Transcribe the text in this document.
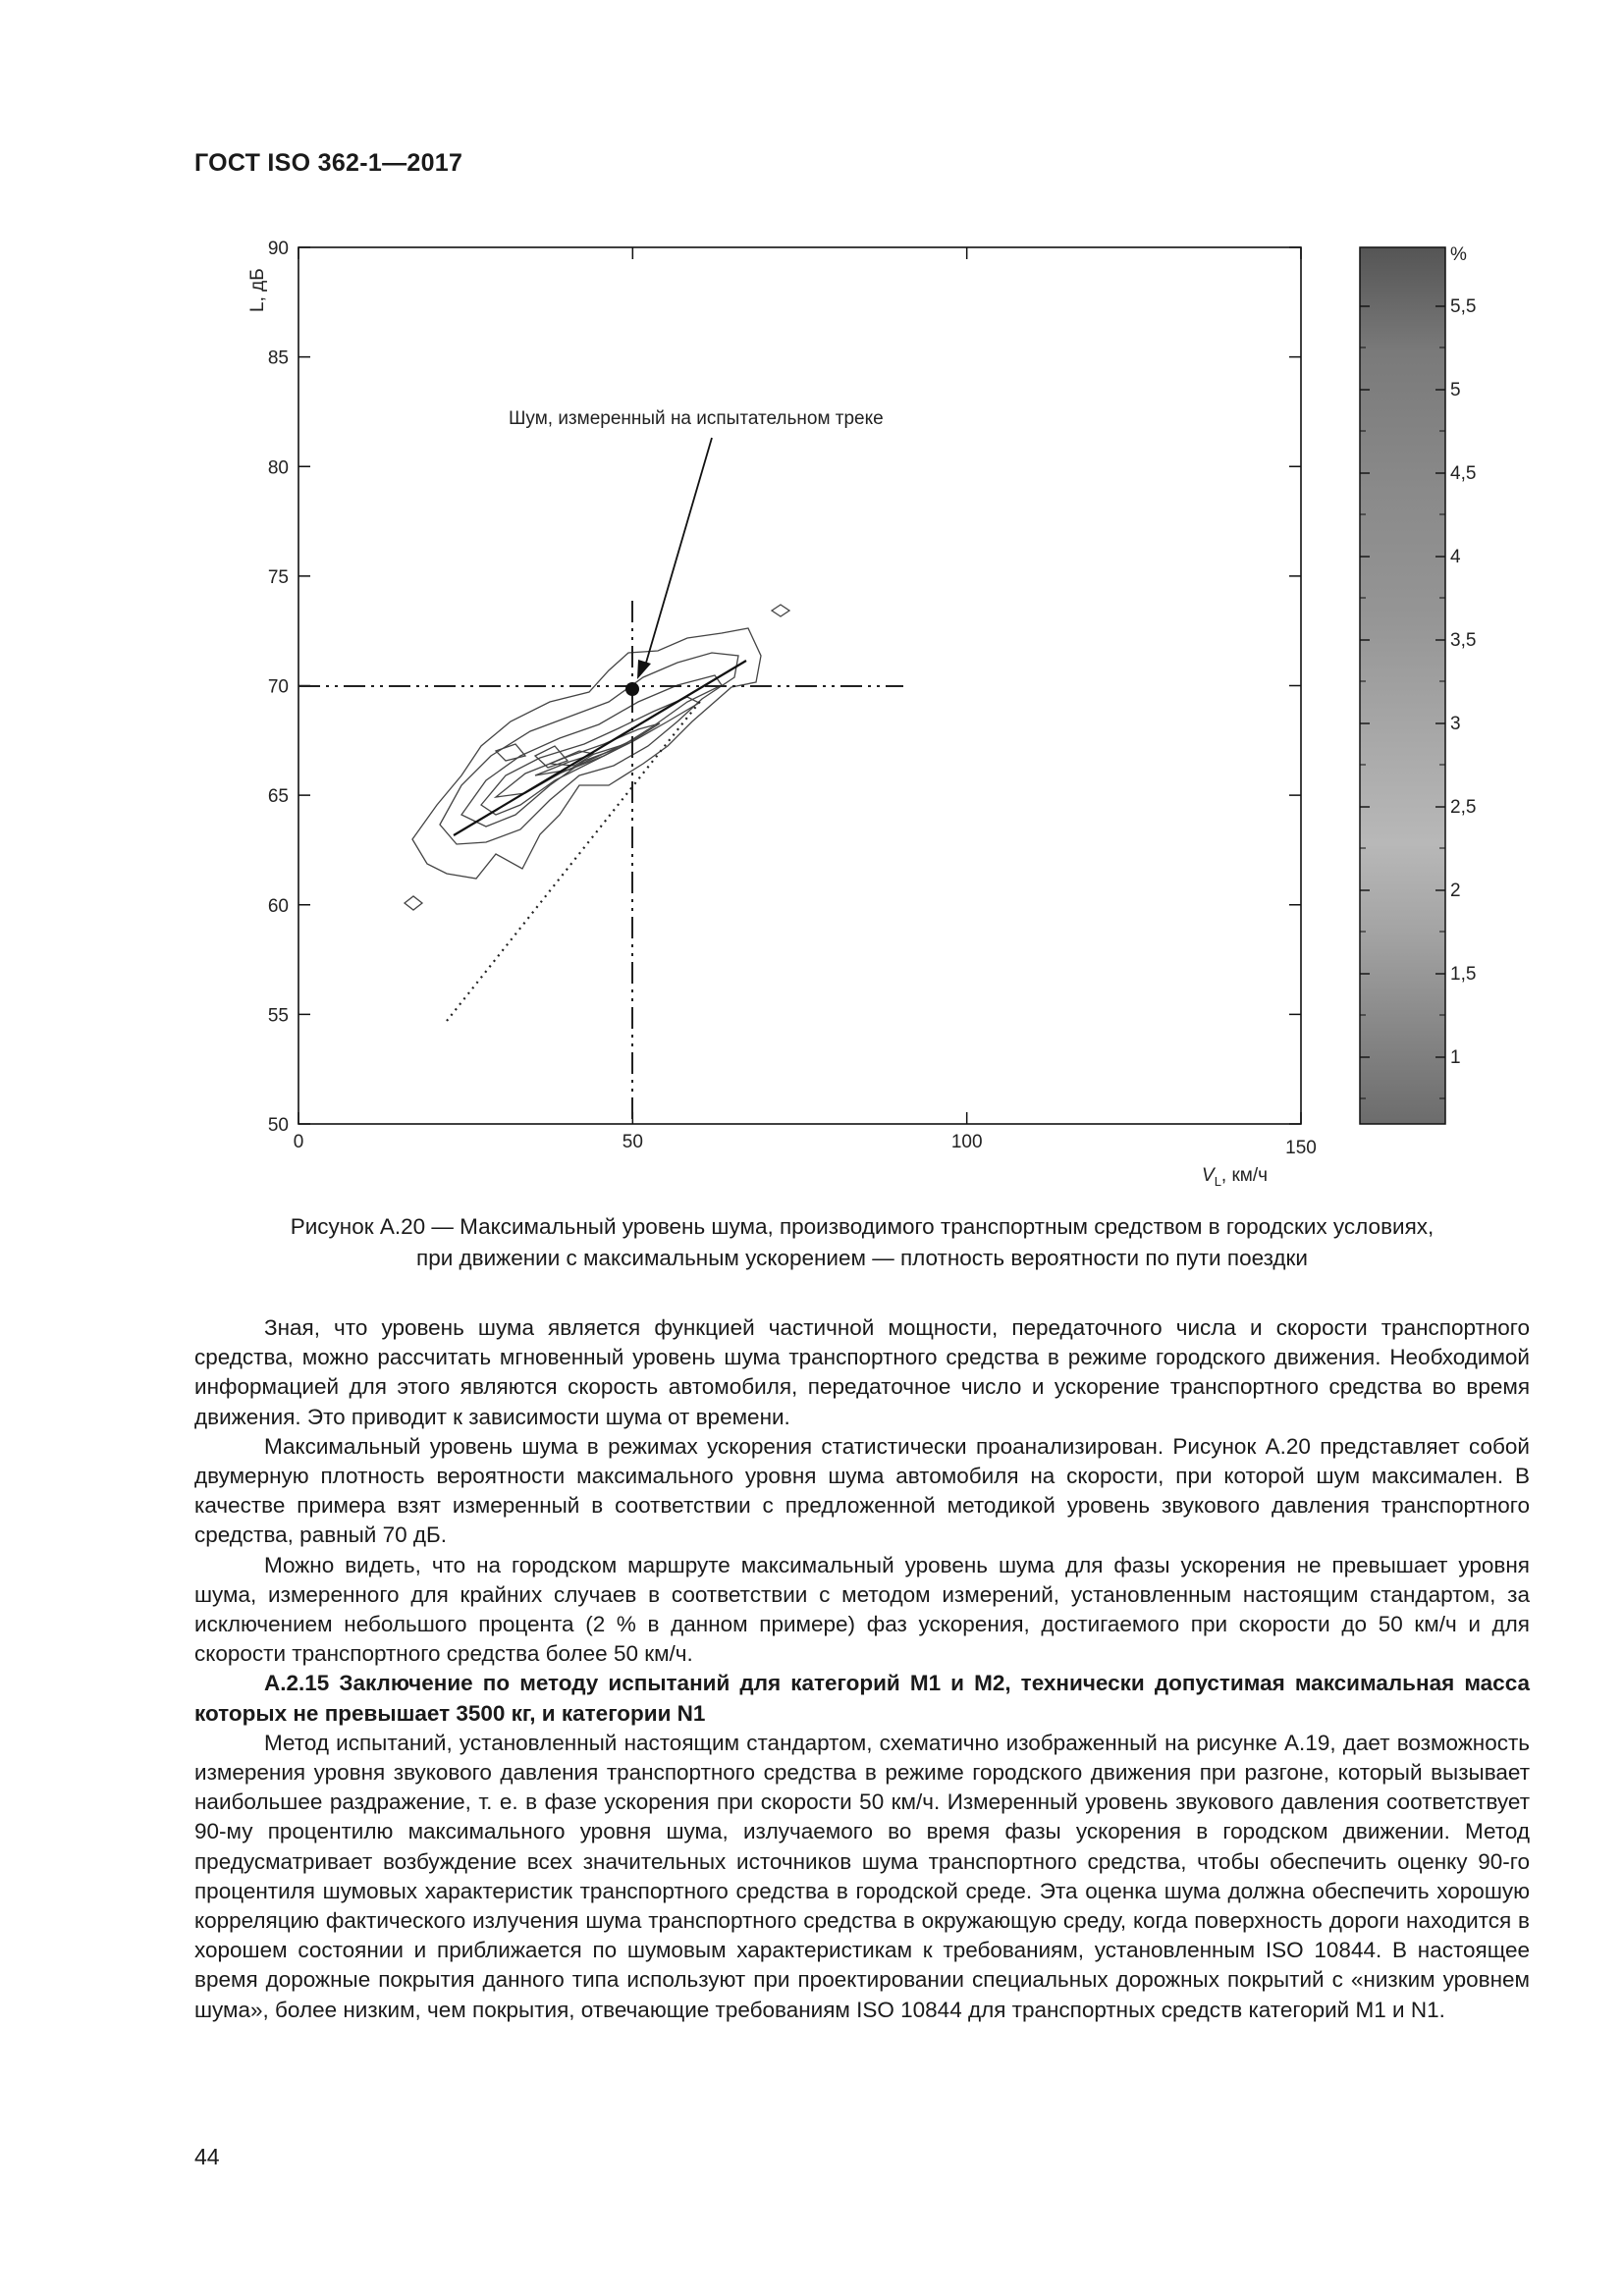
ГОСТ ISO 362-1—2017
50
55
60
65
70
75
80
85
90
0	50	100	150
L, дБ
$V_L$, км/ч
Шум, измеренный на испытательном треке
5,5
5
4,5
4
3,5
3
2,5
2
1,5
1
%
Рисунок А.20 — Максимальный уровень шума, производимого транспортным средством в городских условиях,
при движении с максимальным ускорением — плотность вероятности по пути поездки

Зная, что уровень шума является функцией частичной мощности, передаточного числа и скорости транспортного средства, можно рассчитать мгновенный уровень шума транспортного средства в режиме городского движения. Необходимой информацией для этого являются скорость автомобиля, передаточное число и ускорение транспортного средства во время движения. Это приводит к зависимости шума от времени.

Максимальный уровень шума в режимах ускорения статистически проанализирован. Рисунок А.20 представляет собой двумерную плотность вероятности максимального уровня шума автомобиля на скорости, при которой шум максимален. В качестве примера взят измеренный в соответствии с предложенной методикой уровень звукового давления транспортного средства, равный 70 дБ.

Можно видеть, что на городском маршруте максимальный уровень шума для фазы ускорения не превышает уровня шума, измеренного для крайних случаев в соответствии с методом измерений, установленным настоящим стандартом, за исключением небольшого процента (2 % в данном примере) фаз ускорения, достигаемого при скорости до 50 км/ч и для скорости транспортного средства более 50 км/ч.

А.2.15 Заключение по методу испытаний для категорий М1 и М2, технически допустимая максимальная масса которых не превышает 3500 кг, и категории N1

Метод испытаний, установленный настоящим стандартом, схематично изображенный на рисунке А.19, дает возможность измерения уровня звукового давления транспортного средства в режиме городского движения при разгоне, который вызывает наибольшее раздражение, т. е. в фазе ускорения при скорости 50 км/ч. Измеренный уровень звукового давления соответствует 90-му процентилю максимального уровня шума, излучаемого во время фазы ускорения в городском движении. Метод предусматривает возбуждение всех значительных источников шума транспортного средства, чтобы обеспечить оценку 90-го процентиля шумовых характеристик транспортного средства в городской среде. Эта оценка шума должна обеспечить хорошую корреляцию фактического излучения шума транспортного средства в окружающую среду, когда поверхность дороги находится в хорошем состоянии и приближается по шумовым характеристикам к требованиям, установленным ISO 10844. В настоящее время дорожные покрытия данного типа используют при проектировании специальных дорожных покрытий с «низким уровнем шума», более низким, чем покрытия, отвечающие требованиям ISO 10844 для транспортных средств категорий М1 и N1.

44
